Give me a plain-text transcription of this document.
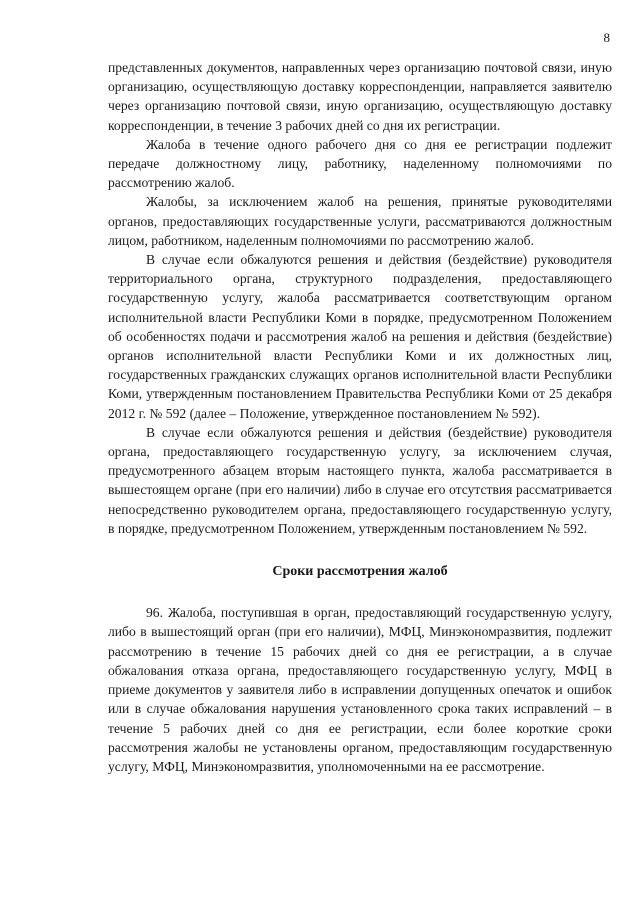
8

представленных документов, направленных через организацию почтовой связи, иную организацию, осуществляющую доставку корреспонденции, направляется заявителю через организацию почтовой связи, иную организацию, осуществляющую доставку корреспонденции, в течение 3 рабочих дней со дня их регистрации.

Жалоба в течение одного рабочего дня со дня ее регистрации подлежит передаче должностному лицу, работнику, наделенному полномочиями по рассмотрению жалоб.

Жалобы, за исключением жалоб на решения, принятые руководителями органов, предоставляющих государственные услуги, рассматриваются должностным лицом, работником, наделенным полномочиями по рассмотрению жалоб.

В случае если обжалуются решения и действия (бездействие) руководителя территориального органа, структурного подразделения, предоставляющего государственную услугу, жалоба рассматривается соответствующим органом исполнительной власти Республики Коми в порядке, предусмотренном Положением об особенностях подачи и рассмотрения жалоб на решения и действия (бездействие) органов исполнительной власти Республики Коми и их должностных лиц, государственных гражданских служащих органов исполнительной власти Республики Коми, утвержденным постановлением Правительства Республики Коми от 25 декабря 2012 г. № 592 (далее – Положение, утвержденное постановлением № 592).

В случае если обжалуются решения и действия (бездействие) руководителя органа, предоставляющего государственную услугу, за исключением случая, предусмотренного абзацем вторым настоящего пункта, жалоба рассматривается в вышестоящем органе (при его наличии) либо в случае его отсутствия рассматривается непосредственно руководителем органа, предоставляющего государственную услугу, в порядке, предусмотренном Положением, утвержденным постановлением № 592.

Сроки рассмотрения жалоб

96. Жалоба, поступившая в орган, предоставляющий государственную услугу, либо в вышестоящий орган (при его наличии), МФЦ, Минэкономразвития, подлежит рассмотрению в течение 15 рабочих дней со дня ее регистрации, а в случае обжалования отказа органа, предоставляющего государственную услугу, МФЦ в приеме документов у заявителя либо в исправлении допущенных опечаток и ошибок или в случае обжалования нарушения установленного срока таких исправлений – в течение 5 рабочих дней со дня ее регистрации, если более короткие сроки рассмотрения жалобы не установлены органом, предоставляющим государственную услугу, МФЦ, Минэкономразвития, уполномоченными на ее рассмотрение.
